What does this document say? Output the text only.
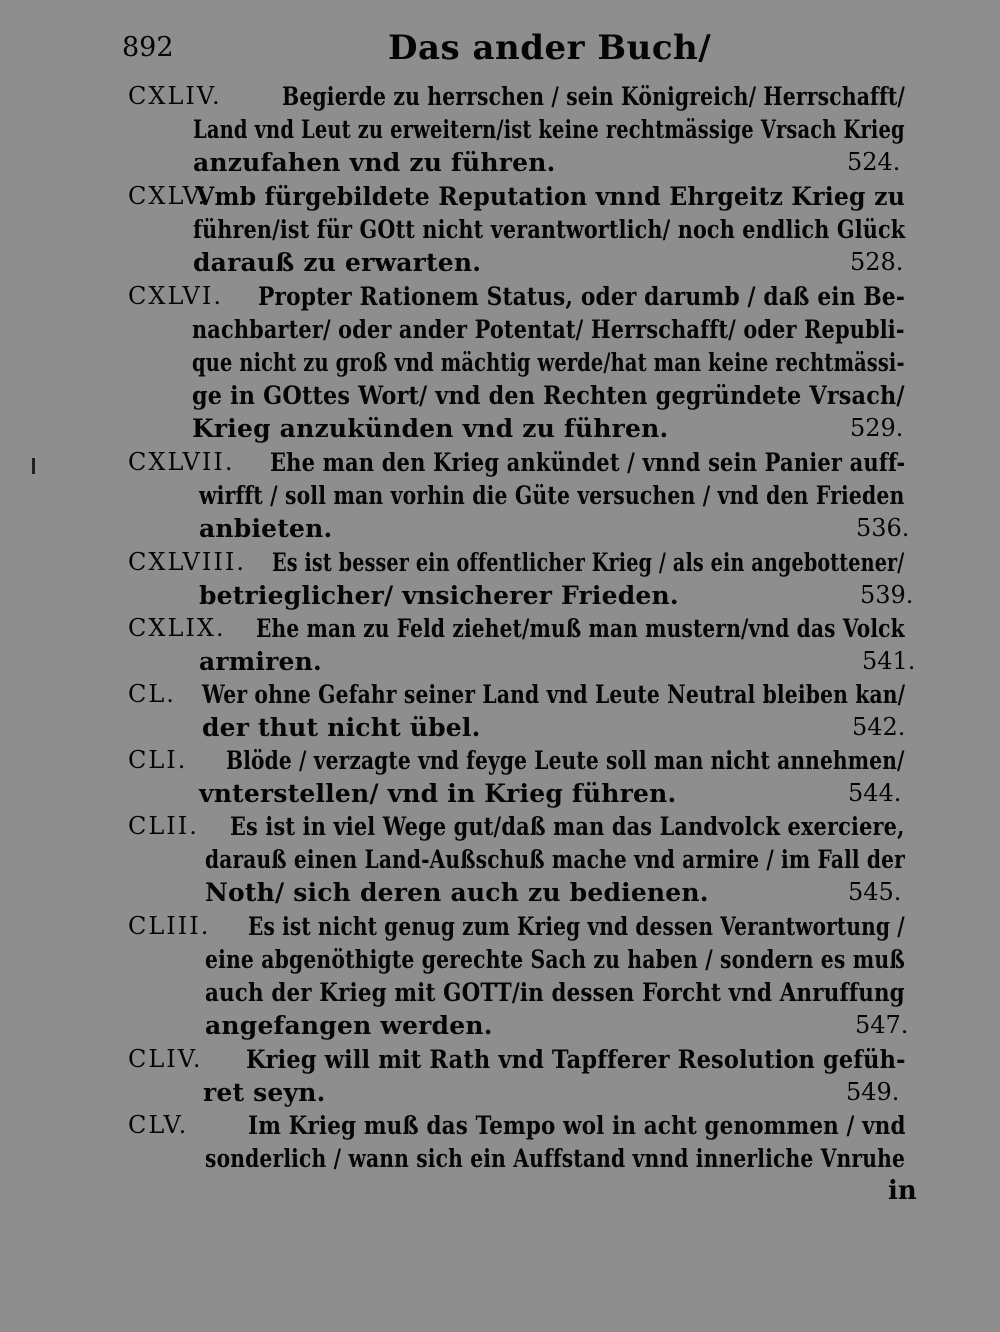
892	Das ander Buch/
CXLIV. Begierde zu herrschen / sein Königreich/ Herrschafft/
Land vnd Leut zu erweitern/ist keine rechtmässige Vrsach Krieg
anzufahen vnd zu führen.	524.
CXLV.
Vmb fürgebildete Reputation vnnd Ehrgeitz Krieg zu
führen/ist für GOtt nicht verantwortlich/ noch endlich Glück
darauß zu erwarten.	528.
CXLVI. Propter Rationem Status, oder darumb / daß ein Be-
nachbarter/ oder ander Potentat/ Herrschafft/ oder Republi-
que nicht zu groß vnd mächtig werde/hat man keine rechtmässi-
ge in GOttes Wort/ vnd den Rechten gegründete Vrsach/
Krieg anzukünden vnd zu führen.	529.
CXLVII. Ehe man den Krieg ankündet / vnnd sein Panier auff-
wirfft / soll man vorhin die Güte versuchen / vnd den Frieden
anbieten.	536.
CXLVIII. Es ist besser ein offentlicher Krieg / als ein angebottener/
betrieglicher/ vnsicherer Frieden.	539.
CXLIX. Ehe man zu Feld ziehet/muß man mustern/vnd das Volck
armiren.	541.
CL. Wer ohne Gefahr seiner Land vnd Leute Neutral bleiben kan/
der thut nicht übel.	542.
CLI. Blöde / verzagte vnd feyge Leute soll man nicht annehmen/
vnterstellen/ vnd in Krieg führen.	544.
CLII. Es ist in viel Wege gut/daß man das Landvolck exerciere,
darauß einen Land-Außschuß mache vnd armire / im Fall der
Noth/ sich deren auch zu bedienen.	545.
CLIII. Es ist nicht genug zum Krieg vnd dessen Verantwortung /
eine abgenöthigte gerechte Sach zu haben / sondern es muß
auch der Krieg mit GOTT/in dessen Forcht vnd Anruffung
angefangen werden.	547.
CLIV. Krieg will mit Rath vnd Tapfferer Resolution gefüh-
ret seyn.	549.
CLV. Im Krieg muß das Tempo wol in acht genommen / vnd
sonderlich / wann sich ein Auffstand vnnd innerliche Vnruhe
in
